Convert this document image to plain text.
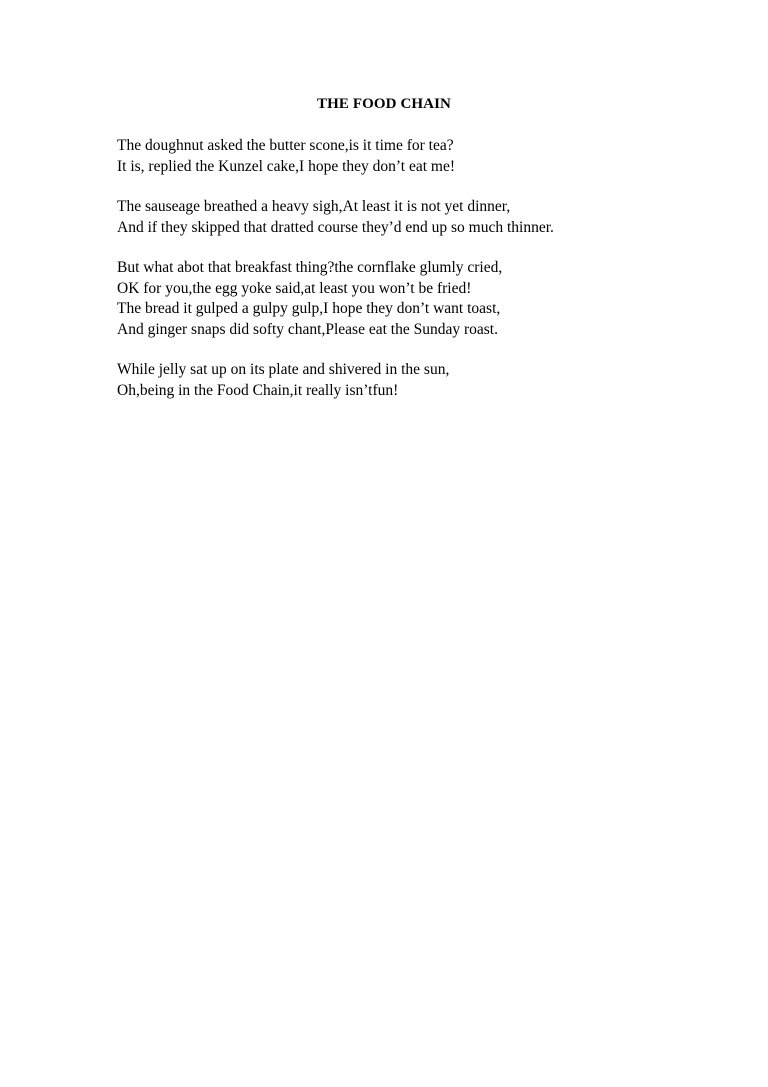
THE FOOD CHAIN
The doughnut asked the butter scone,is it time for tea?
It is, replied the Kunzel cake,I hope they don’t eat me!
The sauseage breathed a heavy sigh,At least it is not yet dinner,
And if they skipped that dratted course they’d end up so much thinner.
But what abot that breakfast thing?the cornflake glumly cried,
OK for you,the egg yoke said,at least you won’t be fried!
The bread it gulped a gulpy gulp,I hope they don’t want toast,
And ginger snaps did softy chant,Please eat the Sunday roast.
While jelly sat up on its plate and shivered in the sun,
Oh,being in the Food Chain,it really isn’tfun!
